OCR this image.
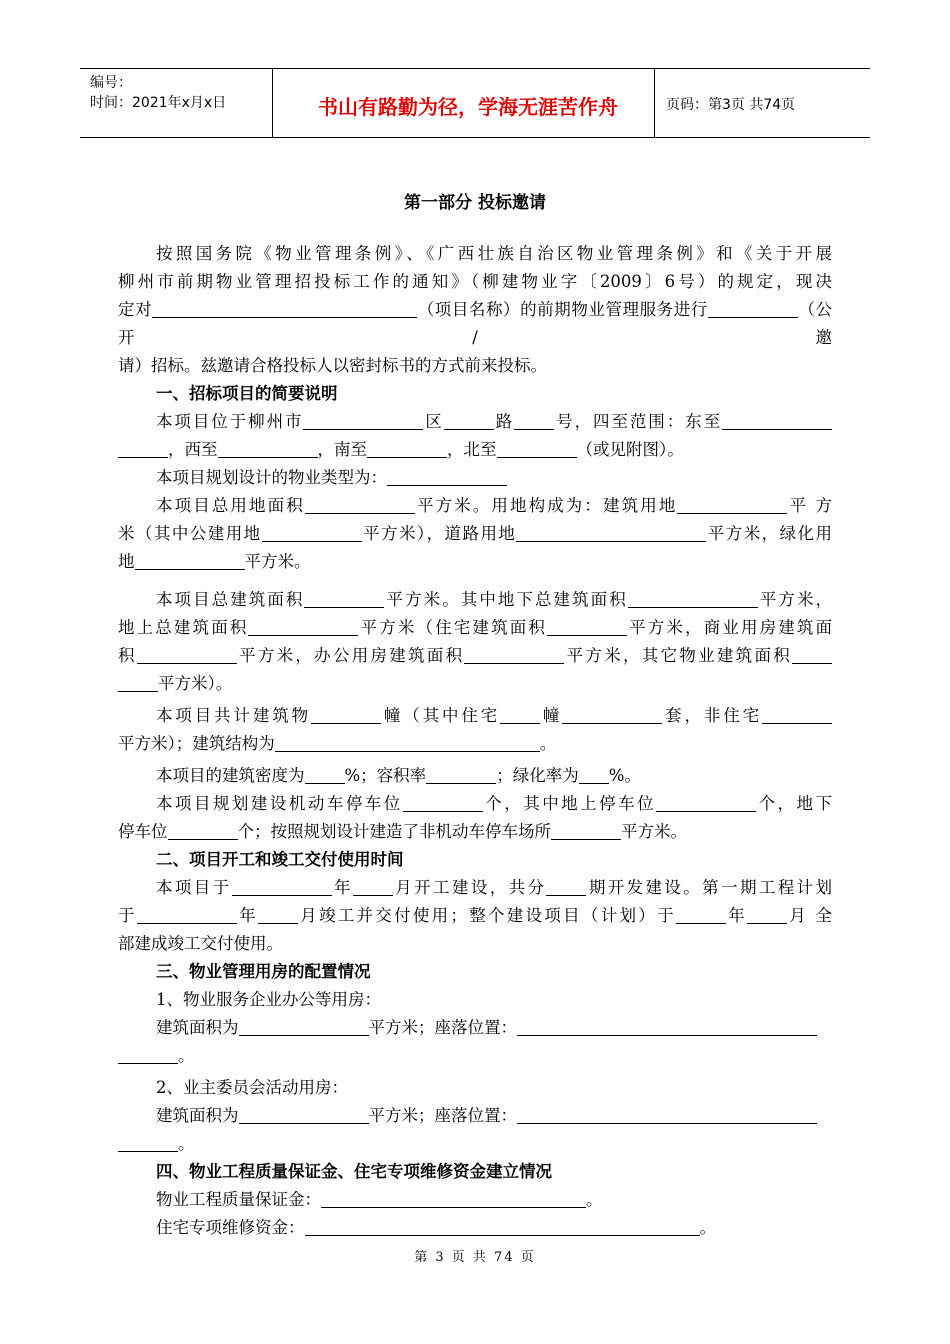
编号：
时间：2021年x月x日	书山有路勤为径，学海无涯苦作舟	页码：第3页 共74页
第一部分 投标邀请

按照国务院《物业管理条例》、《广西壮族自治区物业管理条例》和《关于开展

柳州市前期物业管理招投标工作的通知》（柳建物业字〔2009〕6号）的规定，现决

定对	（项目名称）的前期物业管理服务进行	（公开/邀

请）招标。兹邀请合格投标人以密封标书的方式前来投标。

一、招标项目的简要说明

本项目位于柳州市	区	路 号，四至范围：东至

，西至	，南至	，北至	（或见附图）。

本项目规划设计的物业类型为：

本项目总用地面积	平方米。用地构成为：建筑用地	平 方

米（其中公建用地	平方米），道路用地	平方米，绿化用

地	平方米。

本项目总建筑面积	平方米。其中地下总建筑面积	平方米，

地上总建筑面积	平方米（住宅建筑面积	平方米，商业用房建筑面

积	平方米，办公用房建筑面积	平方米，其它物业建筑面积

平方米）。

本项目共计建筑物	幢（其中住宅 幢	套，非住宅

平方米）；建筑结构为	。

本项目的建筑密度为 %；容积率	；绿化率为 %。

本项目规划建设机动车停车位	个，其中地上停车位	个，地下

停车位	个；按照规划设计建造了非机动车停车场所	平方米。

二、项目开工和竣工交付使用时间

本项目于	年 月开工建设，共分 期开发建设。第一期工程计划

于	年 月竣工并交付使用；整个建设项目（计划）于	年 月 全

部建成竣工交付使用。

三、物业管理用房的配置情况

1、物业服务企业办公等用房：

建筑面积为	平方米；座落位置：

。

2、业主委员会活动用房：

建筑面积为	平方米；座落位置：

。

四、物业工程质量保证金、住宅专项维修资金建立情况

物业工程质量保证金：	。

住宅专项维修资金：	。

第 3 页 共 74 页
